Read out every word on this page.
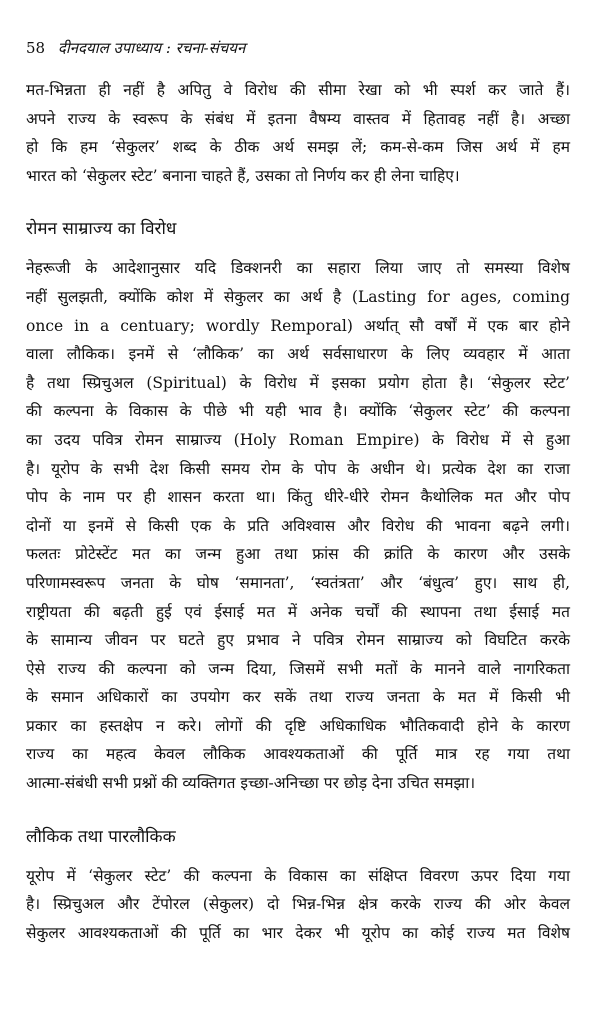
58 दीनदयाल उपाध्याय : रचना-संचयन
मत-भिन्नता ही नहीं है अपितु वे विरोध की सीमा रेखा को भी स्पर्श कर जाते हैं।
अपने राज्य के स्वरूप के संबंध में इतना वैषम्य वास्तव में हितावह नहीं है। अच्छा
हो कि हम ‘सेकुलर’ शब्द के ठीक अर्थ समझ लें; कम-से-कम जिस अर्थ में हम
भारत को ‘सेकुलर स्टेट’ बनाना चाहते हैं, उसका तो निर्णय कर ही लेना चाहिए।
रोमन साम्राज्य का विरोध
नेहरूजी के आदेशानुसार यदि डिक्शनरी का सहारा लिया जाए तो समस्या विशेष
नहीं सुलझती, क्योंकि कोश में सेकुलर का अर्थ है (Lasting for ages, coming
once in a centuary; wordly Remporal) अर्थात् सौ वर्षों में एक बार होने
वाला लौकिक। इनमें से ‘लौकिक’ का अर्थ सर्वसाधारण के लिए व्यवहार में आता
है तथा स्प्रिचुअल (Spiritual) के विरोध में इसका प्रयोग होता है। ‘सेकुलर स्टेट’
की कल्पना के विकास के पीछे भी यही भाव है। क्योंकि ‘सेकुलर स्टेट’ की कल्पना
का उदय पवित्र रोमन साम्राज्य (Holy Roman Empire) के विरोध में से हुआ
है। यूरोप के सभी देश किसी समय रोम के पोप के अधीन थे। प्रत्येक देश का राजा
पोप के नाम पर ही शासन करता था। किंतु धीरे-धीरे रोमन कैथोलिक मत और पोप
दोनों या इनमें से किसी एक के प्रति अविश्वास और विरोध की भावना बढ़ने लगी।
फलतः प्रोटेस्टेंट मत का जन्म हुआ तथा फ्रांस की क्रांति के कारण और उसके
परिणामस्वरूप जनता के घोष ‘समानता’, ‘स्वतंत्रता’ और ‘बंधुत्व’ हुए। साथ ही,
राष्ट्रीयता की बढ़ती हुई एवं ईसाई मत में अनेक चर्चों की स्थापना तथा ईसाई मत
के सामान्य जीवन पर घटते हुए प्रभाव ने पवित्र रोमन साम्राज्य को विघटित करके
ऐसे राज्य की कल्पना को जन्म दिया, जिसमें सभी मतों के मानने वाले नागरिकता
के समान अधिकारों का उपयोग कर सकें तथा राज्य जनता के मत में किसी भी
प्रकार का हस्तक्षेप न करे। लोगों की दृष्टि अधिकाधिक भौतिकवादी होने के कारण
राज्य का महत्व केवल लौकिक आवश्यकताओं की पूर्ति मात्र रह गया तथा
आत्मा-संबंधी सभी प्रश्नों की व्यक्तिगत इच्छा-अनिच्छा पर छोड़ देना उचित समझा।
लौकिक तथा पारलौकिक
यूरोप में ‘सेकुलर स्टेट’ की कल्पना के विकास का संक्षिप्त विवरण ऊपर दिया गया
है। स्प्रिचुअल और टेंपोरल (सेकुलर) दो भिन्न-भिन्न क्षेत्र करके राज्य की ओर केवल
सेकुलर आवश्यकताओं की पूर्ति का भार देकर भी यूरोप का कोई राज्य मत विशेष
